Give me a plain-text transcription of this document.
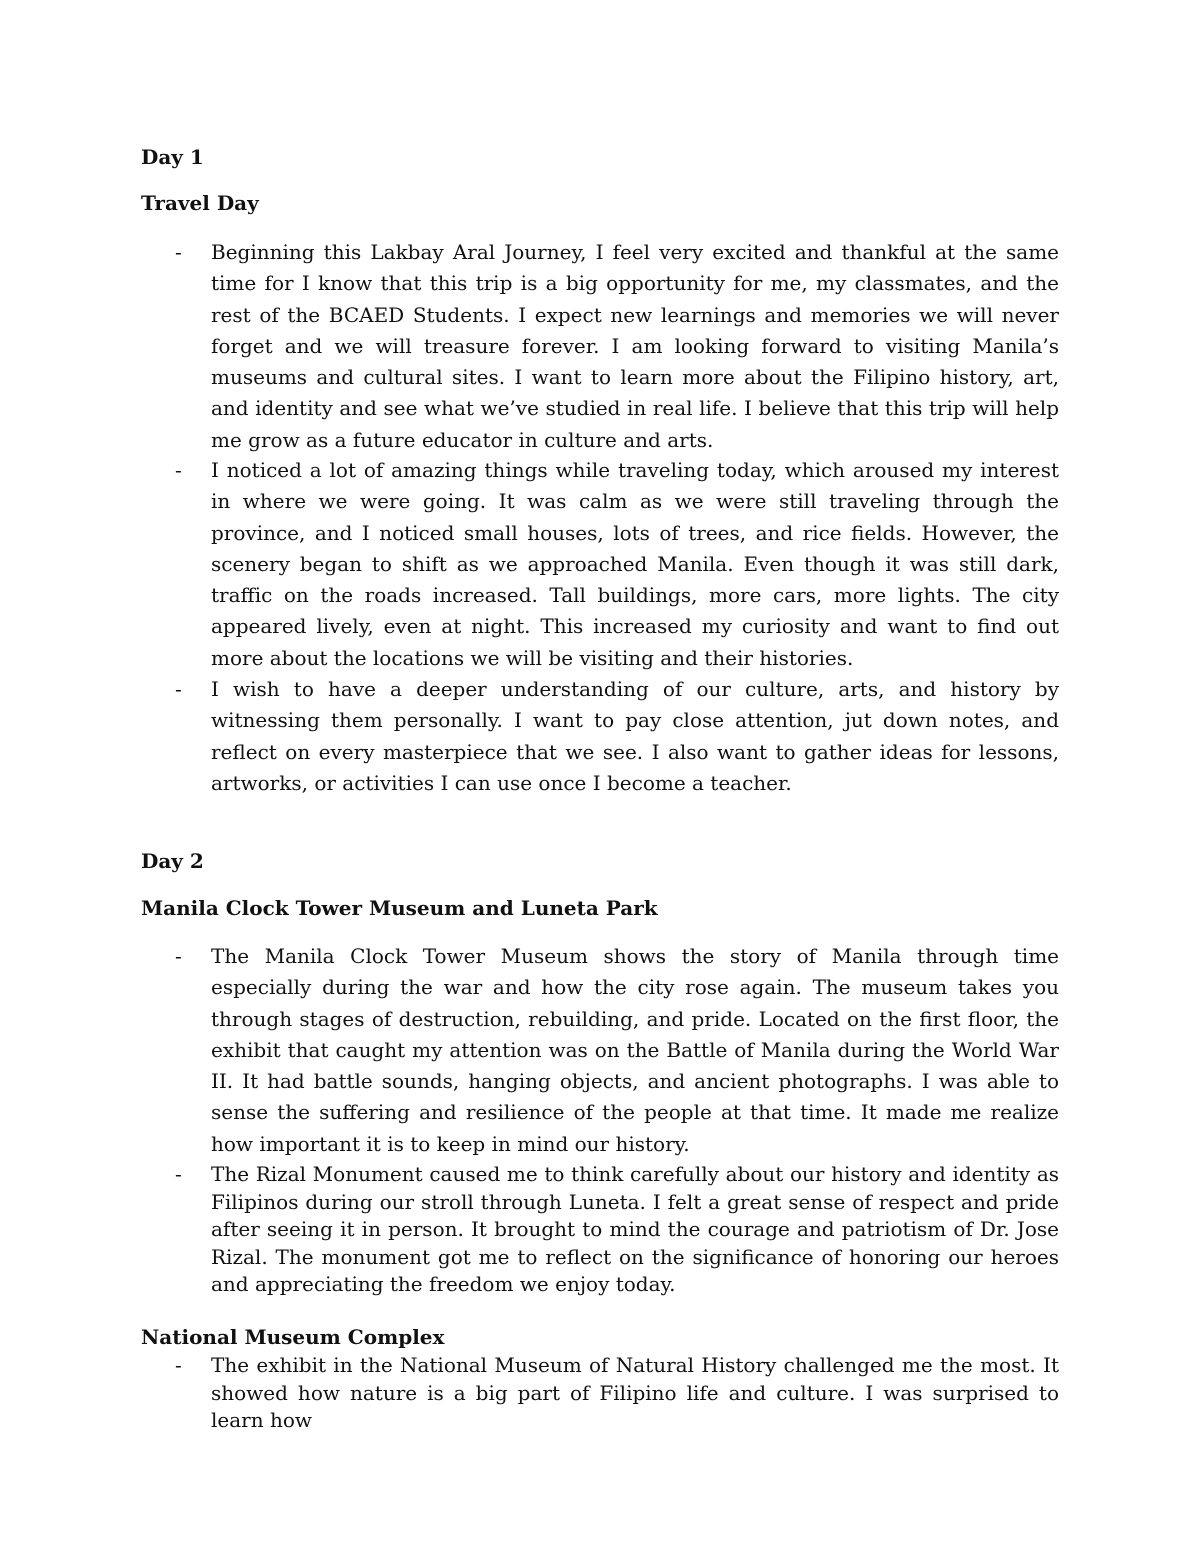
Day 1
Travel Day
- Beginning this Lakbay Aral Journey, I feel very excited and thankful at the same time for I know that this trip is a big opportunity for me, my classmates, and the rest of the BCAED Students. I expect new learnings and memories we will never forget and we will treasure forever. I am looking forward to visiting Manila’s museums and cultural sites. I want to learn more about the Filipino history, art, and identity and see what we’ve studied in real life. I believe that this trip will help me grow as a future educator in culture and arts.
- I noticed a lot of amazing things while traveling today, which aroused my interest in where we were going. It was calm as we were still traveling through the province, and I noticed small houses, lots of trees, and rice fields. However, the scenery began to shift as we approached Manila. Even though it was still dark, traffic on the roads increased. Tall buildings, more cars, more lights. The city appeared lively, even at night. This increased my curiosity and want to find out more about the locations we will be visiting and their histories.
- I wish to have a deeper understanding of our culture, arts, and history by witnessing them personally. I want to pay close attention, jut down notes, and reflect on every masterpiece that we see. I also want to gather ideas for lessons, artworks, or activities I can use once I become a teacher.
Day 2
Manila Clock Tower Museum and Luneta Park
- The Manila Clock Tower Museum shows the story of Manila through time especially during the war and how the city rose again. The museum takes you through stages of destruction, rebuilding, and pride. Located on the first floor, the exhibit that caught my attention was on the Battle of Manila during the World War II. It had battle sounds, hanging objects, and ancient photographs. I was able to sense the suffering and resilience of the people at that time. It made me realize how important it is to keep in mind our history.
- The Rizal Monument caused me to think carefully about our history and identity as Filipinos during our stroll through Luneta. I felt a great sense of respect and pride after seeing it in person. It brought to mind the courage and patriotism of Dr. Jose Rizal. The monument got me to reflect on the significance of honoring our heroes and appreciating the freedom we enjoy today.
National Museum Complex
- The exhibit in the National Museum of Natural History challenged me the most. It showed how nature is a big part of Filipino life and culture. I was surprised to learn how
